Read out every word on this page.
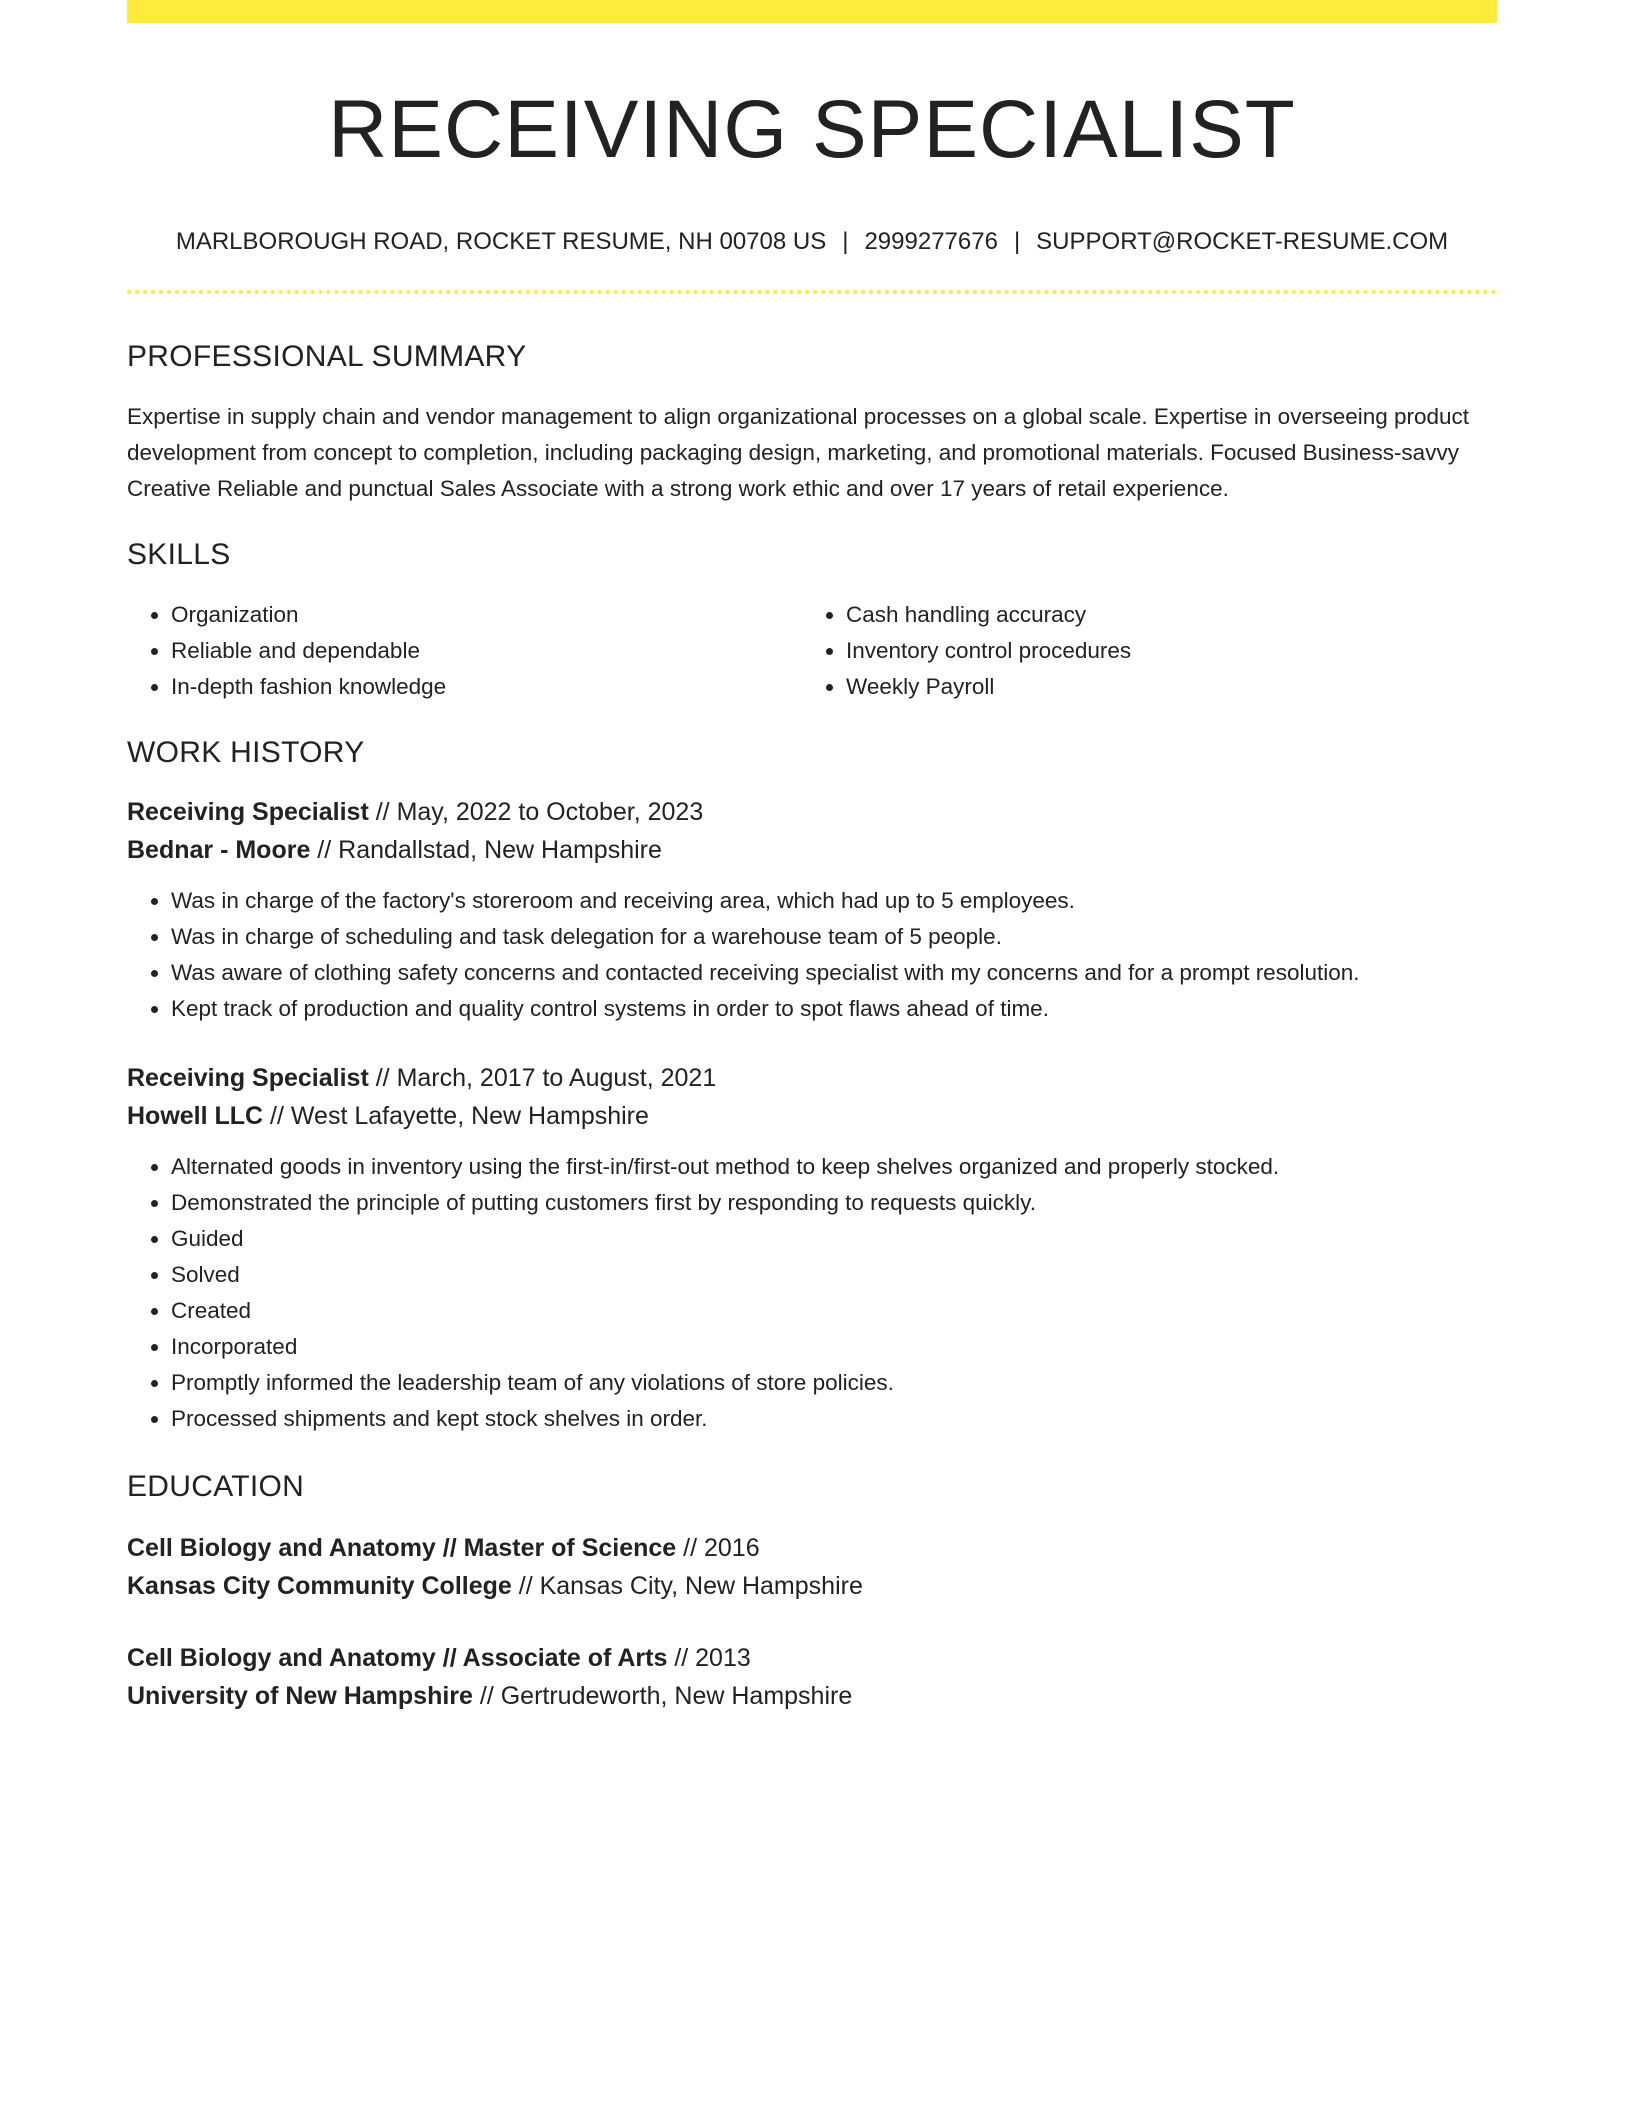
RECEIVING SPECIALIST
MARLBOROUGH ROAD, ROCKET RESUME, NH 00708 US | 2999277676 | SUPPORT@ROCKET-RESUME.COM
PROFESSIONAL SUMMARY
Expertise in supply chain and vendor management to align organizational processes on a global scale. Expertise in overseeing product development from concept to completion, including packaging design, marketing, and promotional materials. Focused Business-savvy Creative Reliable and punctual Sales Associate with a strong work ethic and over 17 years of retail experience.
SKILLS
• Organization
• Reliable and dependable
• In-depth fashion knowledge
• Cash handling accuracy
• Inventory control procedures
• Weekly Payroll
WORK HISTORY
Receiving Specialist // May, 2022 to October, 2023
Bednar - Moore // Randallstad, New Hampshire
• Was in charge of the factory's storeroom and receiving area, which had up to 5 employees.
• Was in charge of scheduling and task delegation for a warehouse team of 5 people.
• Was aware of clothing safety concerns and contacted receiving specialist with my concerns and for a prompt resolution.
• Kept track of production and quality control systems in order to spot flaws ahead of time.
Receiving Specialist // March, 2017 to August, 2021
Howell LLC // West Lafayette, New Hampshire
• Alternated goods in inventory using the first-in/first-out method to keep shelves organized and properly stocked.
• Demonstrated the principle of putting customers first by responding to requests quickly.
• Guided
• Solved
• Created
• Incorporated
• Promptly informed the leadership team of any violations of store policies.
• Processed shipments and kept stock shelves in order.
EDUCATION
Cell Biology and Anatomy // Master of Science // 2016
Kansas City Community College // Kansas City, New Hampshire
Cell Biology and Anatomy // Associate of Arts // 2013
University of New Hampshire // Gertrudeworth, New Hampshire
